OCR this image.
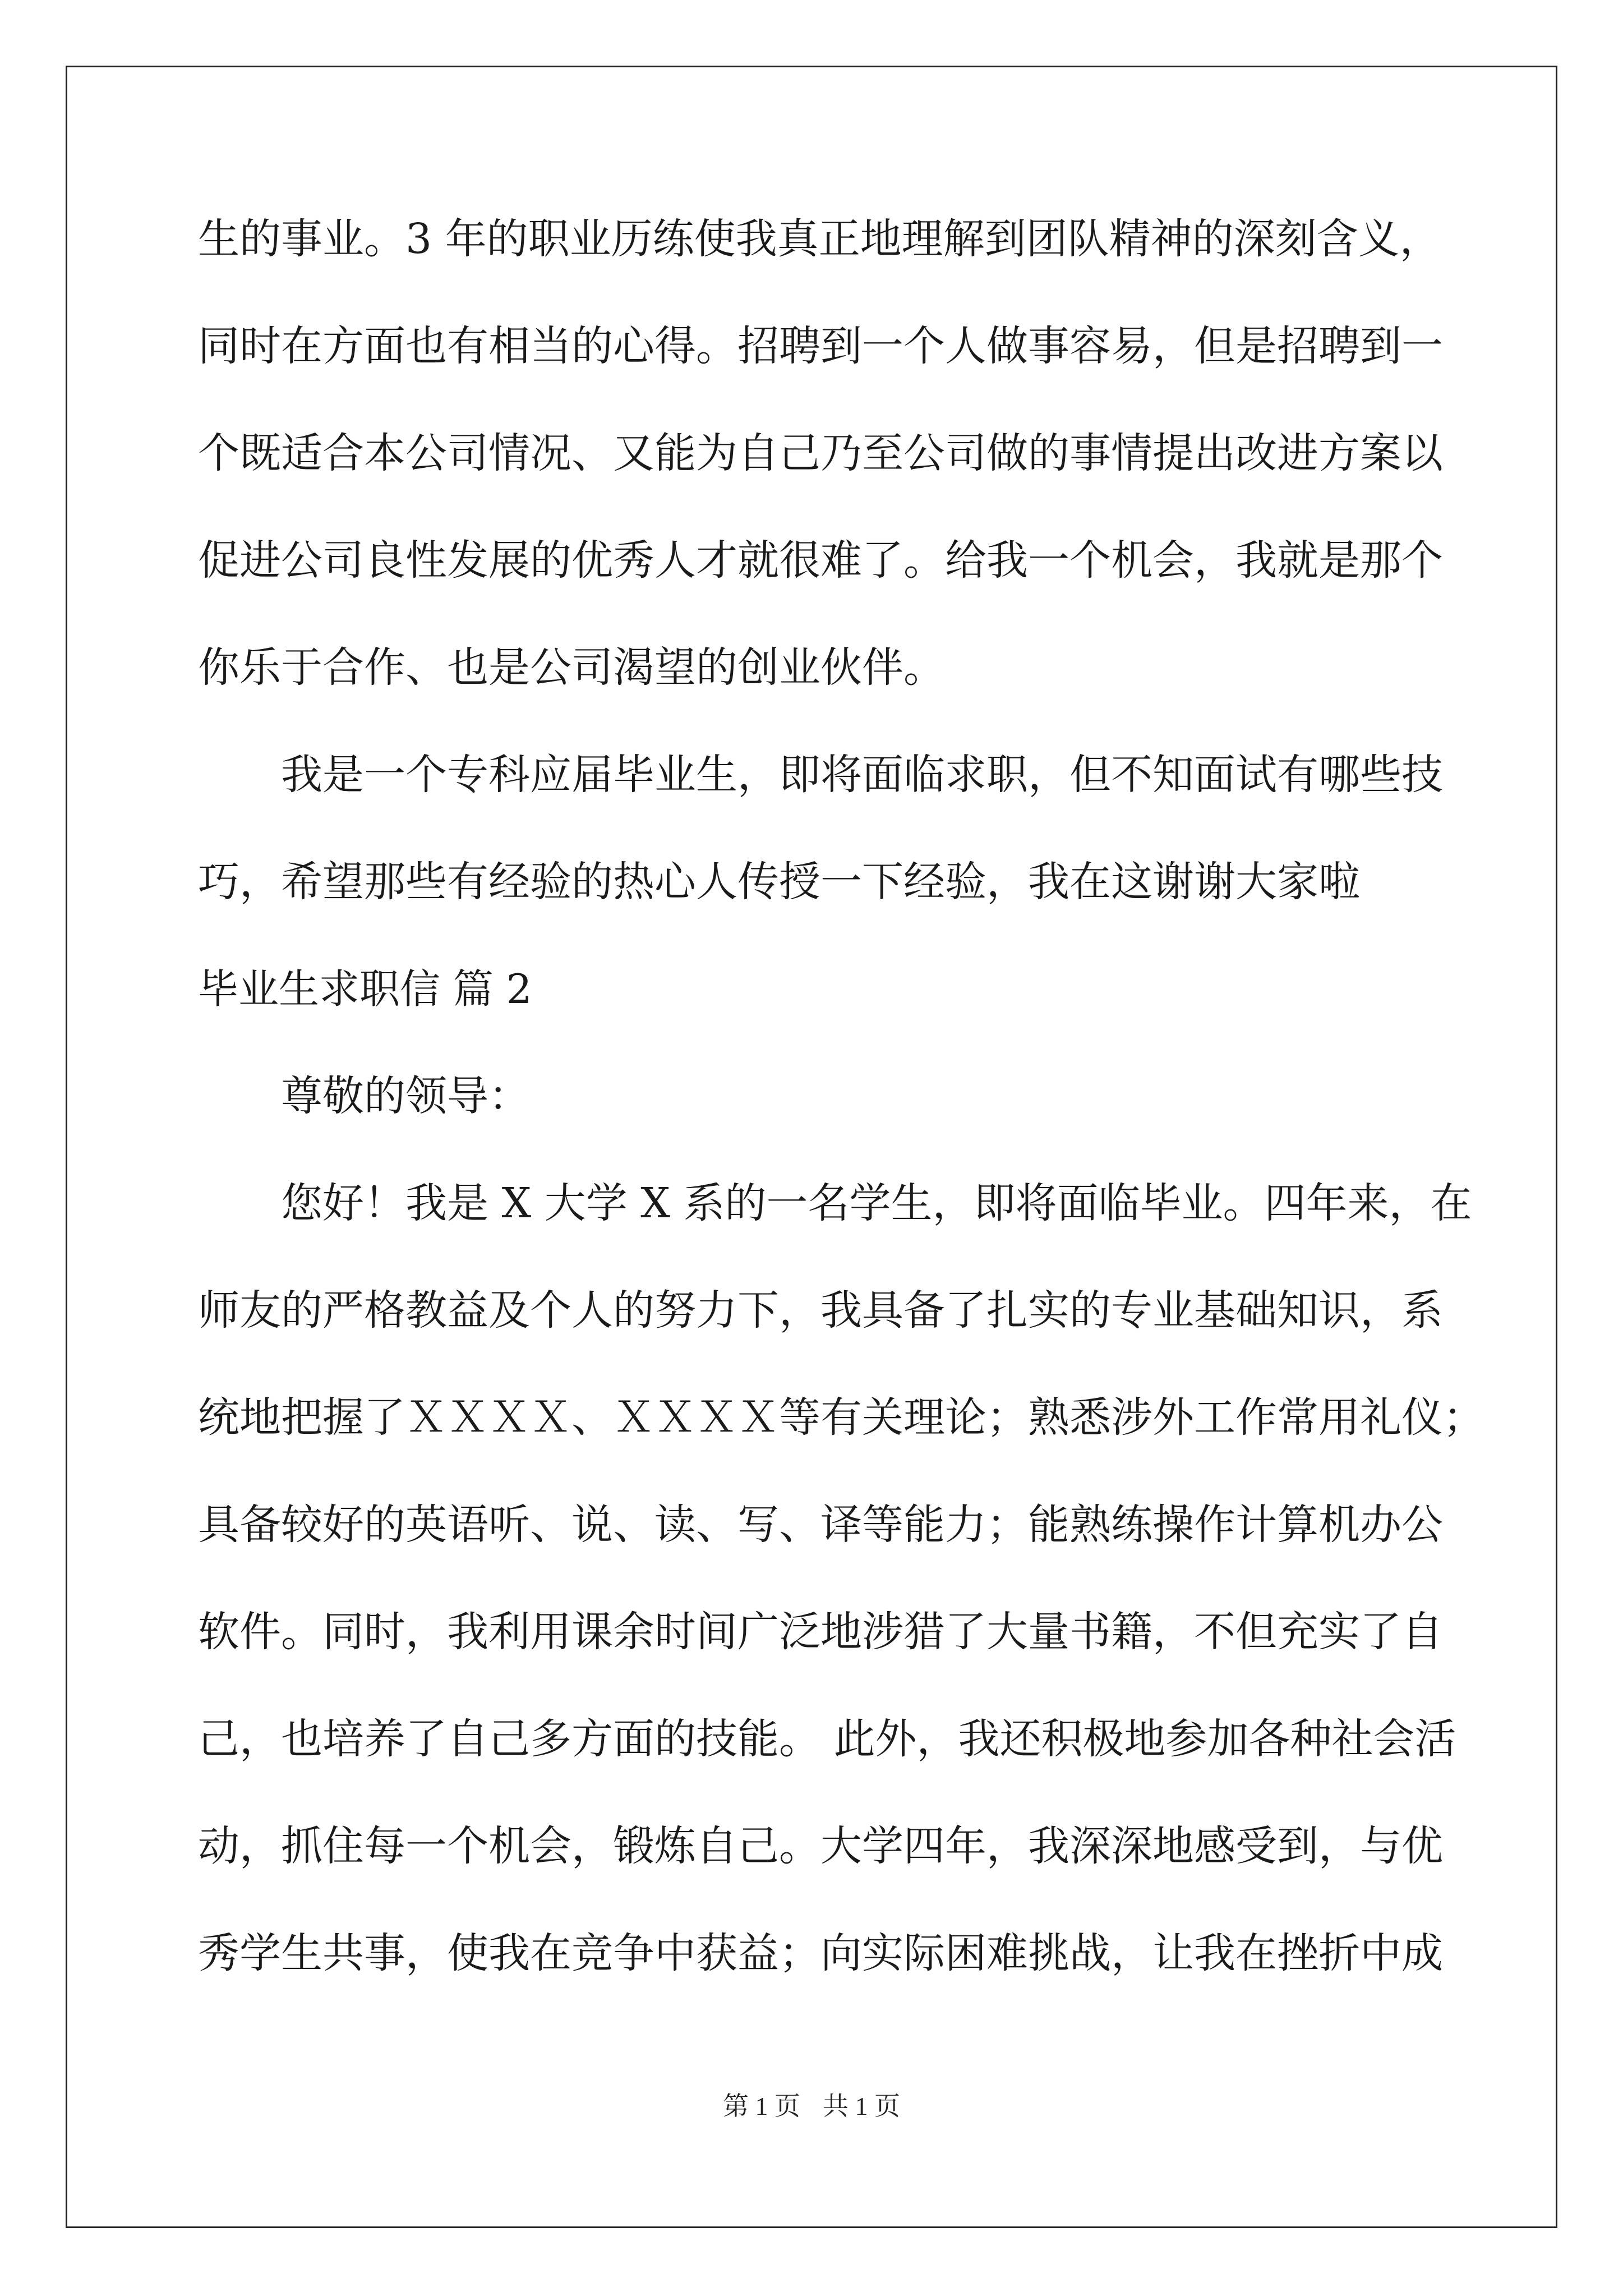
生的事业。3 年的职业历练使我真正地理解到团队精神的深刻含义，
同时在方面也有相当的心得。招聘到一个人做事容易，但是招聘到一
个既适合本公司情况、又能为自己乃至公司做的事情提出改进方案以
促进公司良性发展的优秀人才就很难了。给我一个机会，我就是那个
你乐于合作、也是公司渴望的创业伙伴。
我是一个专科应届毕业生，即将面临求职，但不知面试有哪些技
巧，希望那些有经验的热心人传授一下经验，我在这谢谢大家啦
毕业生求职信 篇 2
尊敬的领导：
您好！我是 X 大学 X 系的一名学生，即将面临毕业。四年来，在
师友的严格教益及个人的努力下，我具备了扎实的专业基础知识，系
统地把握了ＸＸＸＸ、ＸＸＸＸ等有关理论；熟悉涉外工作常用礼仪；
具备较好的英语听、说、读、写、译等能力；能熟练操作计算机办公
软件。同时，我利用课余时间广泛地涉猎了大量书籍，不但充实了自
己，也培养了自己多方面的技能。 此外，我还积极地参加各种社会活
动，抓住每一个机会，锻炼自己。大学四年，我深深地感受到，与优
秀学生共事，使我在竞争中获益；向实际困难挑战，让我在挫折中成
第 1 页 共 1 页
